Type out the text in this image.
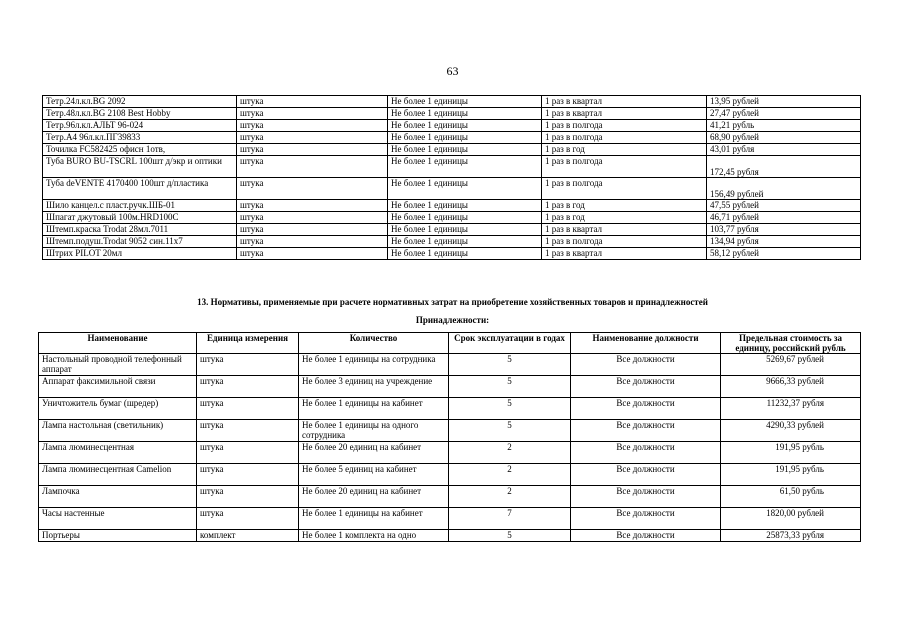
63
Тетр.24л.кл.BG 2092	штука	Не более 1 единицы	1 раз в квартал	13,95 рублей
Тетр.48л.кл.BG 2108 Best Hobby	штука	Не более 1 единицы	1 раз в квартал	27,47 рублей
Тетр.96л.кл.АЛЬТ 96-024	штука	Не более 1 единицы	1 раз в полгода	41,21 рубль
Тетр.А4 96л.кл.ПГ39833	штука	Не более 1 единицы	1 раз в полгода	68,90 рублей
Точилка FC582425 офисн 1отв,	штука	Не более 1 единицы	1 раз в год	43,01 рубля
Туба BURO BU-TSCRL 100шт д/экр и оптики	штука	Не более 1 единицы	1 раз в полгода	172,45 рубля
Туба deVENTE 4170400 100шт д/пластика	штука	Не более 1 единицы	1 раз в полгода	156,49 рублей
Шило канцел.с пласт.ручк.ШБ-01	штука	Не более 1 единицы	1 раз в год	47,55 рублей
Шпагат джутовый 100м.HRD100C	штука	Не более 1 единицы	1 раз в год	46,71 рублей
Штемп.краска Trodat 28мл.7011	штука	Не более 1 единицы	1 раз в квартал	103,77 рубля
Штемп.подуш.Trodat 9052 син.11х7	штука	Не более 1 единицы	1 раз в полгода	134,94 рубля
Штрих PILOT 20мл	штука	Не более 1 единицы	1 раз в квартал	58,12 рублей
13. Нормативы, применяемые при расчете нормативных затрат на приобретение хозяйственных товаров и принадлежностей
Принадлежности:
Наименование	Единица измерения	Количество	Срок эксплуатации в годах	Наименование должности	Предельная стоимость за единицу, российский рубль
Настольный проводной телефонный аппарат	штука	Не более 1 единицы на сотрудника	5	Все должности	5269,67 рублей
Аппарат факсимильной связи	штука	Не более 3 единиц на учреждение	5	Все должности	9666,33 рублей
Уничтожитель бумаг (шредер)	штука	Не более 1 единицы на кабинет	5	Все должности	11232,37 рубля
Лампа настольная (светильник)	штука	Не более 1 единицы на одного сотрудника	5	Все должности	4290,33 рублей
Лампа люминесцентная	штука	Не более 20 единиц на кабинет	2	Все должности	191,95 рубль
Лампа люминесцентная Camelion	штука	Не более 5 единиц на кабинет	2	Все должности	191,95 рубль
Лампочка	штука	Не более 20 единиц на кабинет	2	Все должности	61,50 рубль
Часы настенные	штука	Не более 1 единицы на кабинет	7	Все должности	1820,00 рублей
Портьеры	комплект	Не более 1 комплекта на одно	5	Все должности	25873,33 рубля
